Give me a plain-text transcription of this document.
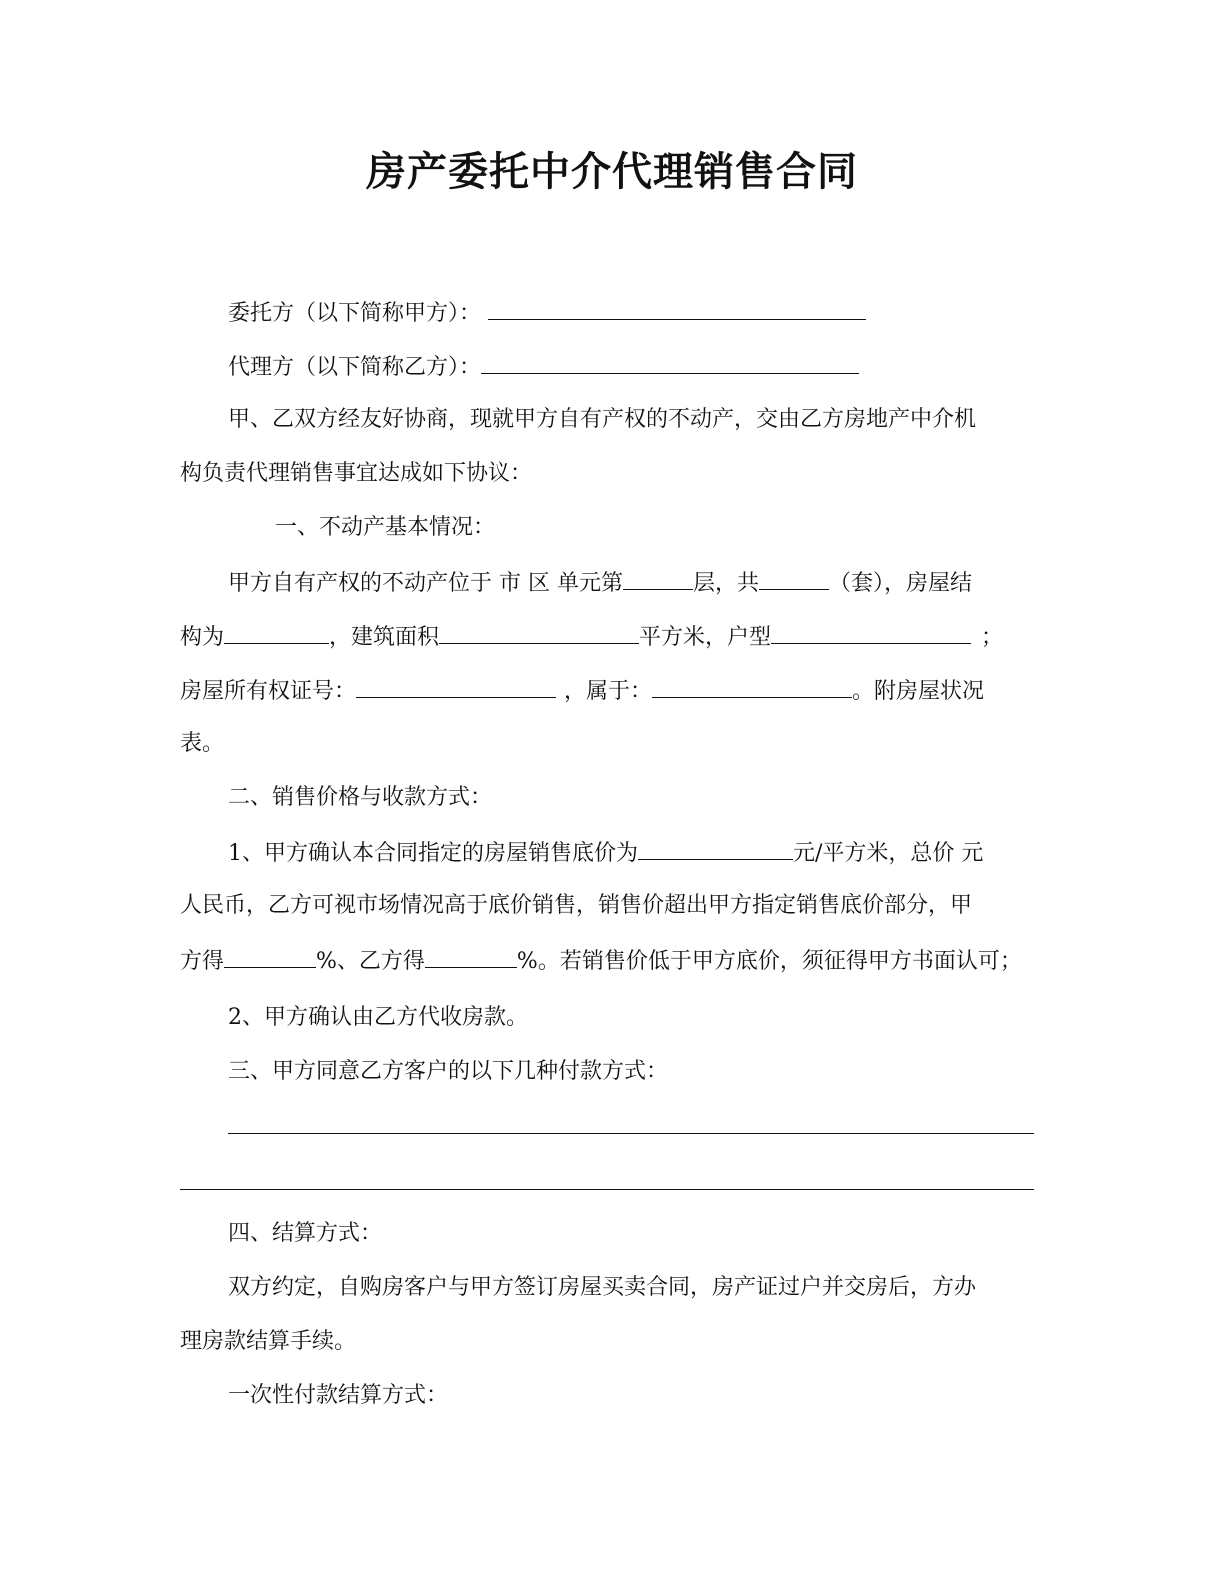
房产委托中介代理销售合同
委托方（以下简称甲方）：
代理方（以下简称乙方）：
甲、乙双方经友好协商，现就甲方自有产权的不动产，交由乙方房地产中介机
构负责代理销售事宜达成如下协议：
一、不动产基本情况：
甲方自有产权的不动产位于 市 区 单元第	层，共	（套），房屋结
构为	，建筑面积	平方米，户型	；
房屋所有权证号：	，属于：	。附房屋状况
表。
二、销售价格与收款方式：
1、甲方确认本合同指定的房屋销售底价为	元/平方米，总价 元
人民币，乙方可视市场情况高于底价销售，销售价超出甲方指定销售底价部分，甲
方得	%、乙方得	%。若销售价低于甲方底价，须征得甲方书面认可；
2、甲方确认由乙方代收房款。
三、甲方同意乙方客户的以下几种付款方式：
四、结算方式：
双方约定，自购房客户与甲方签订房屋买卖合同，房产证过户并交房后，方办
理房款结算手续。
一次性付款结算方式：
